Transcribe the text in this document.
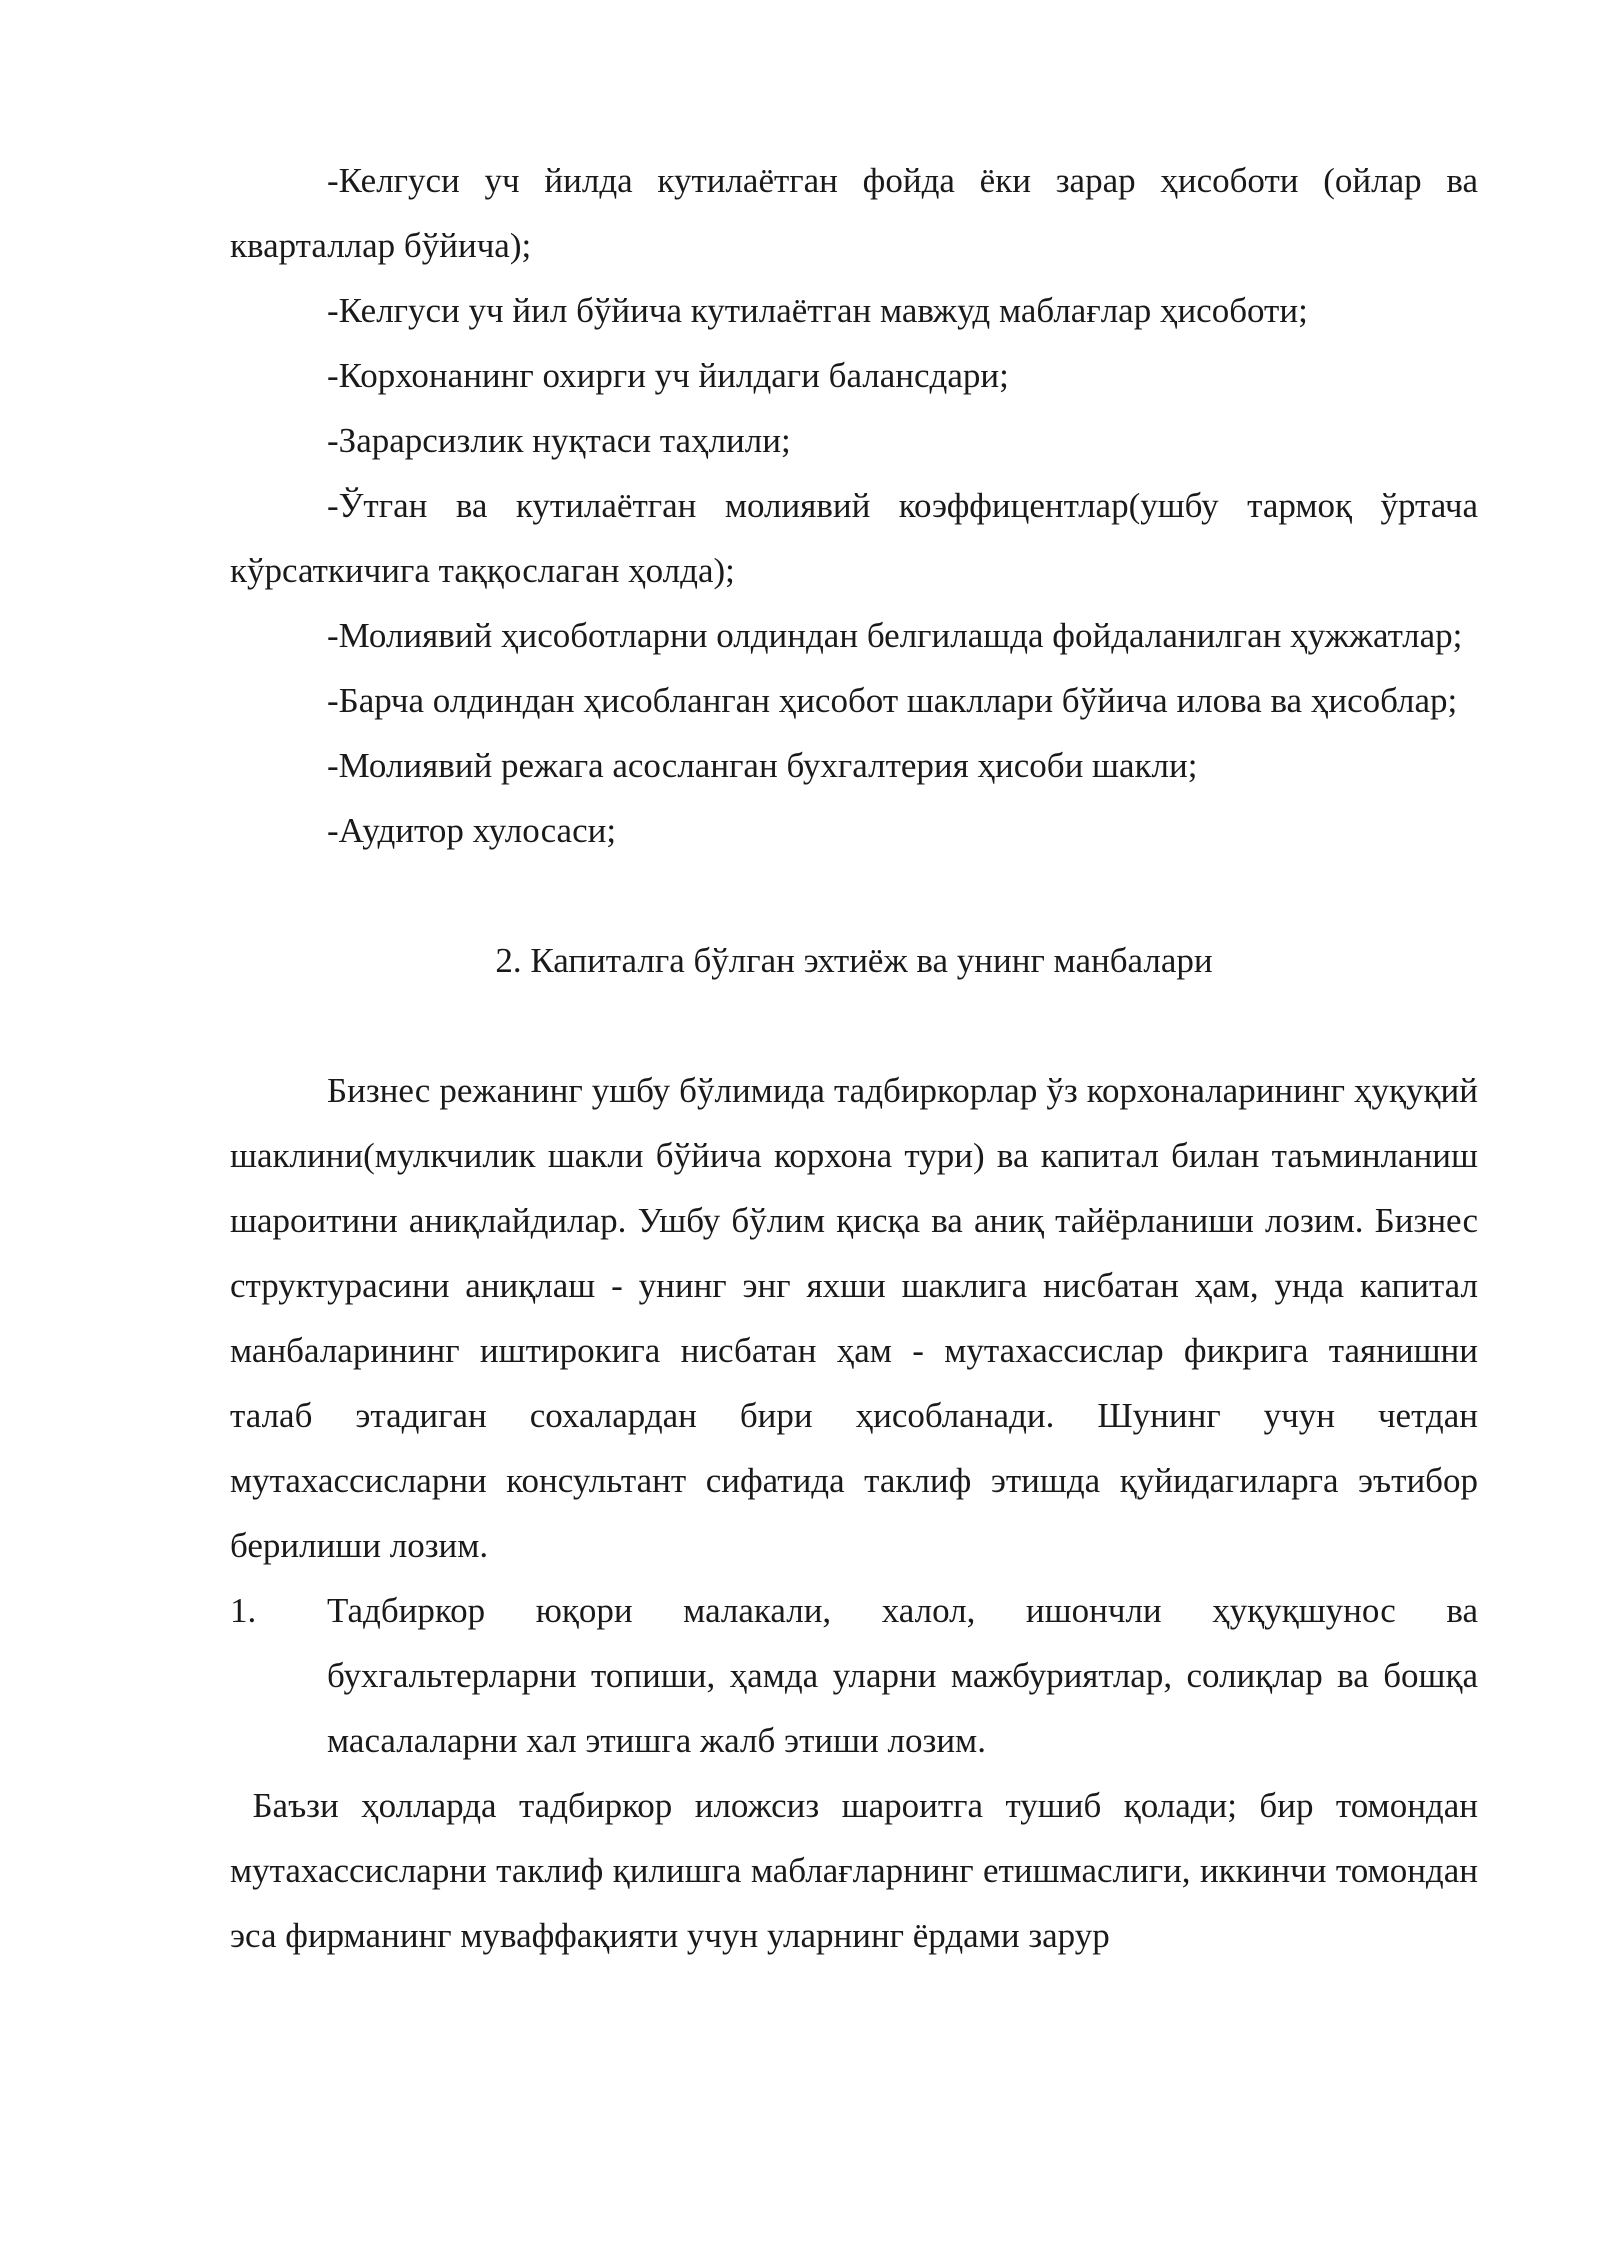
-Келгуси уч йилда кутилаётган фойда ёки зарар ҳисоботи (ойлар ва кварталлар бўйича);

-Келгуси уч йил бўйича кутилаётган мавжуд маблағлар ҳисоботи;

-Корхонанинг охирги уч йилдаги балансдари;

-Зарарсизлик нуқтаси таҳлили;

-Ўтган ва кутилаётган молиявий коэффицентлар(ушбу тармоқ ўртача кўрсаткичига таққослаган ҳолда);

-Молиявий ҳисоботларни олдиндан белгилашда фойдаланилган ҳужжатлар;

-Барча олдиндан ҳисобланган ҳисобот шакллари бўйича илова ва ҳисоблар;

-Молиявий режага асосланган бухгалтерия ҳисоби шакли;

-Аудитор хулосаси;

2. Капиталга бўлган эхтиёж ва унинг манбалари

Бизнес режанинг ушбу бўлимида тадбиркорлар ўз корхоналарининг ҳуқуқий шаклини(мулкчилик шакли бўйича корхона тури) ва капитал билан таъминланиш шароитини аниқлайдилар. Ушбу бўлим қисқа ва аниқ тайёрланиши лозим. Бизнес структурасини аниқлаш - унинг энг яхши шаклига нисбатан ҳам, унда капитал манбаларининг иштирокига нисбатан ҳам - мутахассислар фикрига таянишни талаб этадиган сохалардан бири ҳисобланади. Шунинг учун четдан мутахассисларни консультант сифатида таклиф этишда қуйидагиларга эътибор берилиши лозим.

1.	Тадбиркор юқори малакали, халол, ишончли ҳуқуқшунос ва бухгальтерларни топиши, ҳамда уларни мажбуриятлар, солиқлар ва бошқа масалаларни хал этишга жалб этиши лозим.

Баъзи ҳолларда тадбиркор иложсиз шароитга тушиб қолади; бир томондан мутахассисларни таклиф қилишга маблағларнинг етишмаслиги, иккинчи томондан эса фирманинг муваффақияти учун уларнинг ёрдами зарур
